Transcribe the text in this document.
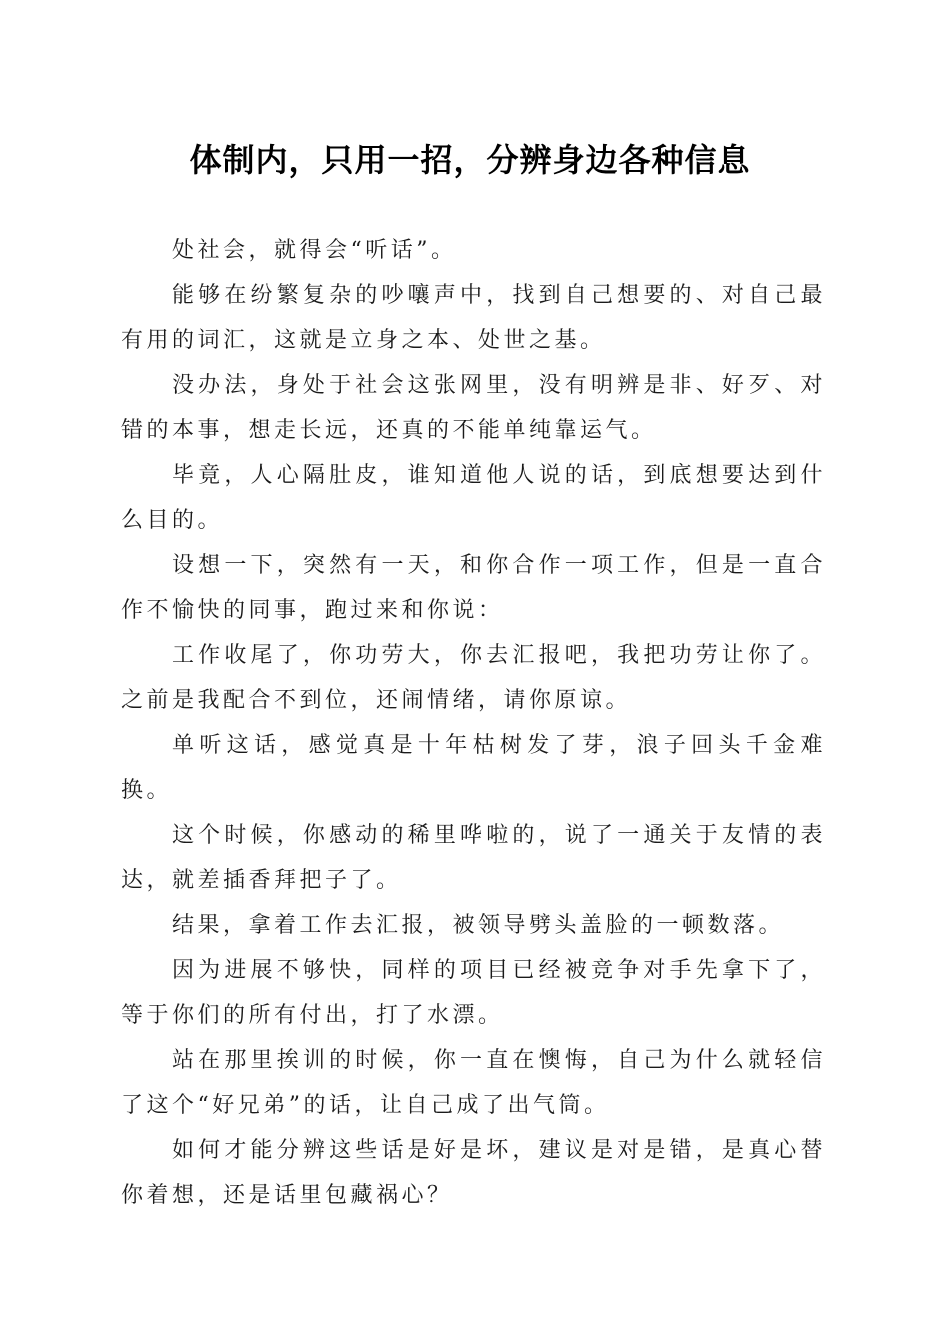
体制内，只用一招，分辨身边各种信息

处社会，就得会“听话”。

能够在纷繁复杂的吵嚷声中，找到自己想要的、对自己最有用的词汇，这就是立身之本、处世之基。

没办法，身处于社会这张网里，没有明辨是非、好歹、对错的本事，想走长远，还真的不能单纯靠运气。

毕竟，人心隔肚皮，谁知道他人说的话，到底想要达到什么目的。

设想一下，突然有一天，和你合作一项工作，但是一直合作不愉快的同事，跑过来和你说：

工作收尾了，你功劳大，你去汇报吧，我把功劳让你了。之前是我配合不到位，还闹情绪，请你原谅。

单听这话，感觉真是十年枯树发了芽，浪子回头千金难换。

这个时候，你感动的稀里哗啦的，说了一通关于友情的表达，就差插香拜把子了。

结果，拿着工作去汇报，被领导劈头盖脸的一顿数落。

因为进展不够快，同样的项目已经被竞争对手先拿下了，等于你们的所有付出，打了水漂。

站在那里挨训的时候，你一直在懊悔，自己为什么就轻信了这个“好兄弟”的话，让自己成了出气筒。

如何才能分辨这些话是好是坏，建议是对是错，是真心替你着想，还是话里包藏祸心？
